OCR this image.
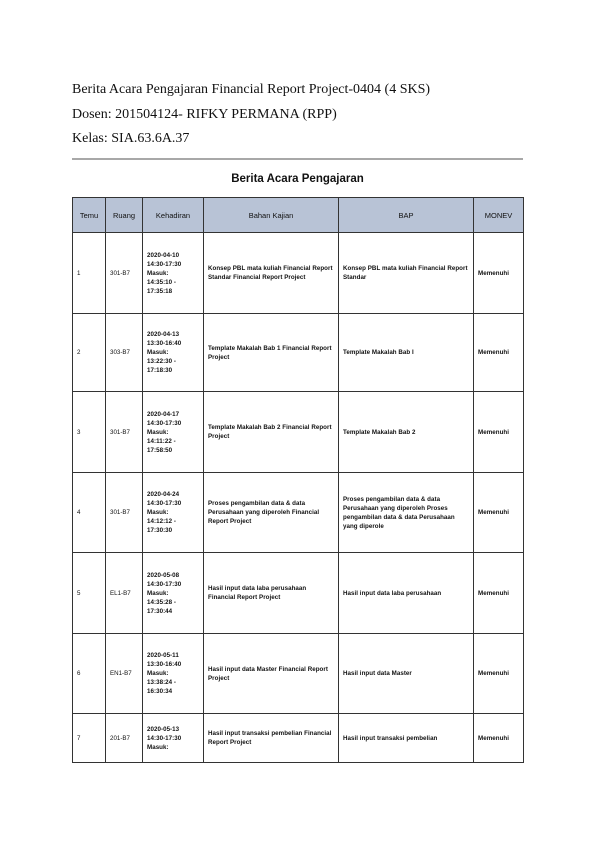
Berita Acara Pengajaran Financial Report Project-0404 (4 SKS)
Dosen: 201504124- RIFKY PERMANA (RPP)
Kelas: SIA.63.6A.37
Berita Acara Pengajaran
Temu	Ruang	Kehadiran	Bahan Kajian	BAP	MONEV
1	301-B7	2020-04-10
14:30-17:30
Masuk:
14:35:10 -
17:35:18	Konsep PBL mata kuliah Financial Report Standar Financial Report Project	Konsep PBL mata kuliah Financial Report Standar	Memenuhi
2	303-B7	2020-04-13
13:30-16:40
Masuk:
13:22:30 -
17:18:30	Template Makalah Bab 1 Financial Report Project	Template Makalah Bab I	Memenuhi
3	301-B7	2020-04-17
14:30-17:30
Masuk:
14:11:22 -
17:58:50	Template Makalah Bab 2 Financial Report Project	Template Makalah Bab 2	Memenuhi
4	301-B7	2020-04-24
14:30-17:30
Masuk:
14:12:12 -
17:30:30	Proses pengambilan data & data Perusahaan yang diperoleh Financial Report Project	Proses pengambilan data & data Perusahaan yang diperoleh Proses pengambilan data & data Perusahaan yang diperole	Memenuhi
5	EL1-B7	2020-05-08
14:30-17:30
Masuk:
14:35:28 -
17:30:44	Hasil input data laba perusahaan Financial Report Project	Hasil input data laba perusahaan	Memenuhi
6	EN1-B7	2020-05-11
13:30-16:40
Masuk:
13:38:24 -
16:30:34	Hasil input data Master Financial Report Project	Hasil input data Master	Memenuhi
7	201-B7	2020-05-13
14:30-17:30
Masuk:	Hasil input transaksi pembelian Financial Report Project	Hasil input transaksi pembelian	Memenuhi
